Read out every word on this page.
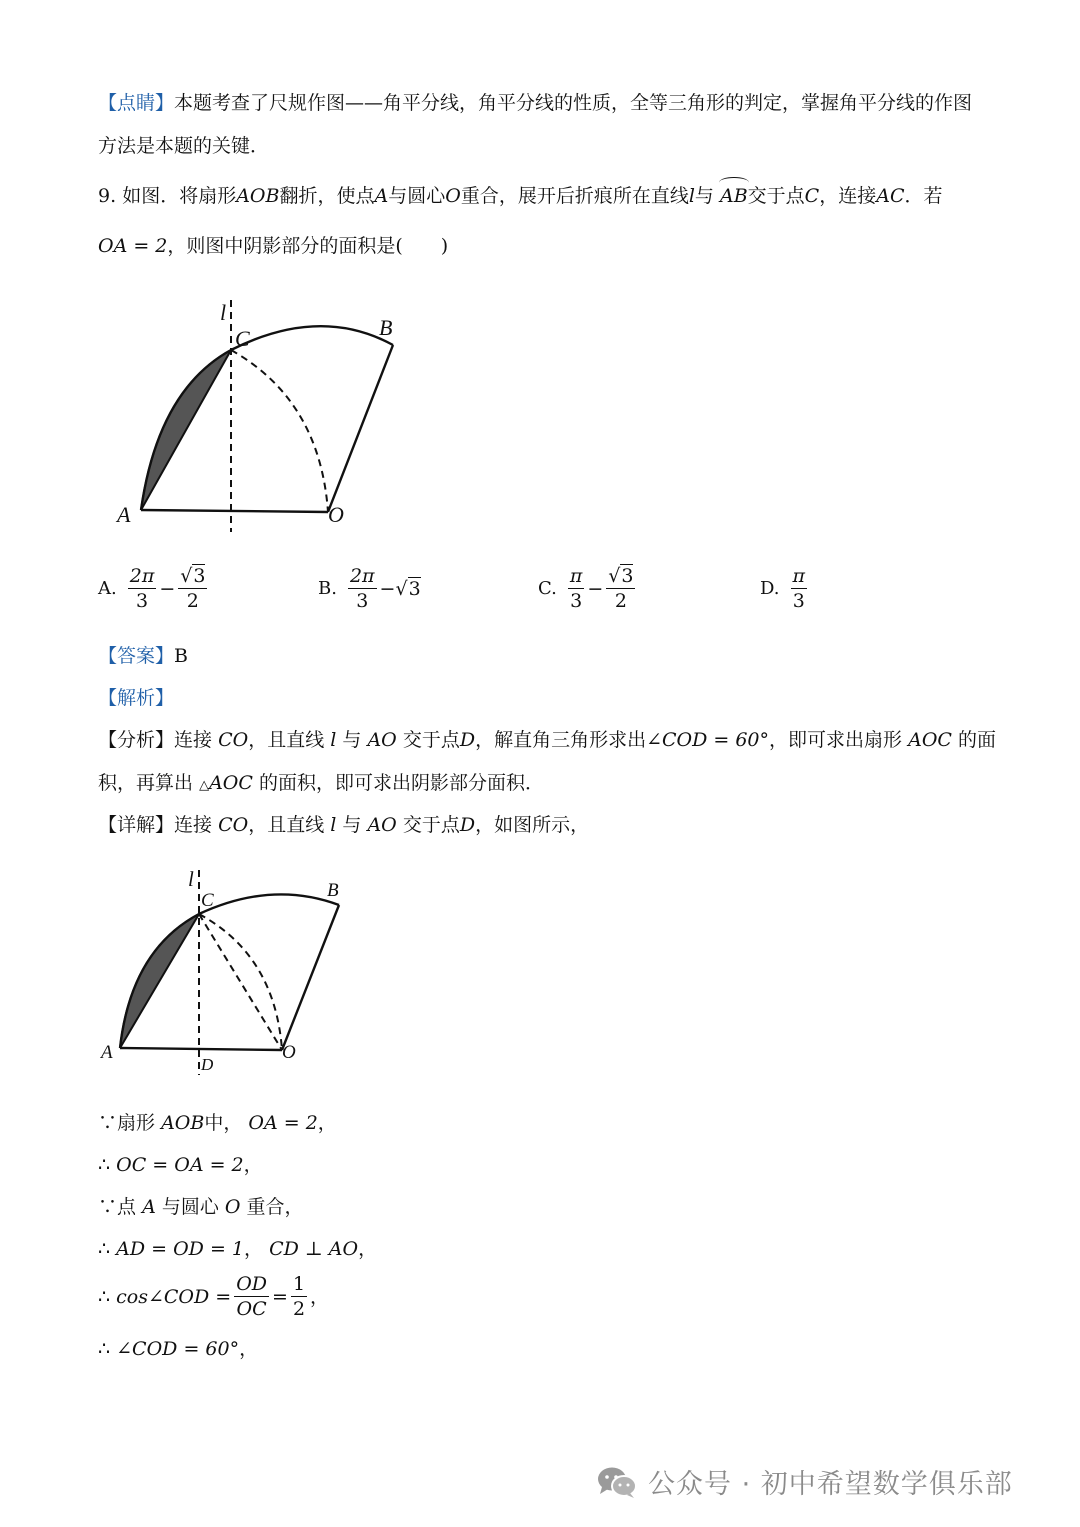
【点睛】本题考查了尺规作图——角平分线，角平分线的性质，全等三角形的判定，掌握角平分线的作图
方法是本题的关键．
9. 如图．将扇形AOB翻折，使点A与圆心O重合，展开后折痕所在直线l与 AB交于点C，连接AC．若
OA = 2，则图中阴影部分的面积是(　　)
l
C	B
A	O
A. $\frac{2\pi}{3} - \frac{√3}{2}$	B. $\frac{2\pi}{3} - √3$	C. $\frac{\pi}{3} - \frac{√3}{2}$	D. $\frac{\pi}{3}$
【答案】B
【解析】
【分析】连接 CO，且直线 l 与 AO 交于点D，解直角三角形求出∠COD = 60°，即可求出扇形 AOC 的面
积，再算出 △AOC 的面积，即可求出阴影部分面积．
【详解】连接 CO，且直线 l 与 AO 交于点D，如图所示，
l
C	B
A	O
D
∵扇形 AOB中， OA = 2，
∴ OC = OA = 2，
∵点 A 与圆心 O 重合，
∴ AD = OD = 1， CD ⊥ AO，
∴
cos∠COD = $\frac{OD}{OC} = \frac{1}{2}$ ，
∴ ∠COD = 60°，
公众号 · 初中希望数学俱乐部
